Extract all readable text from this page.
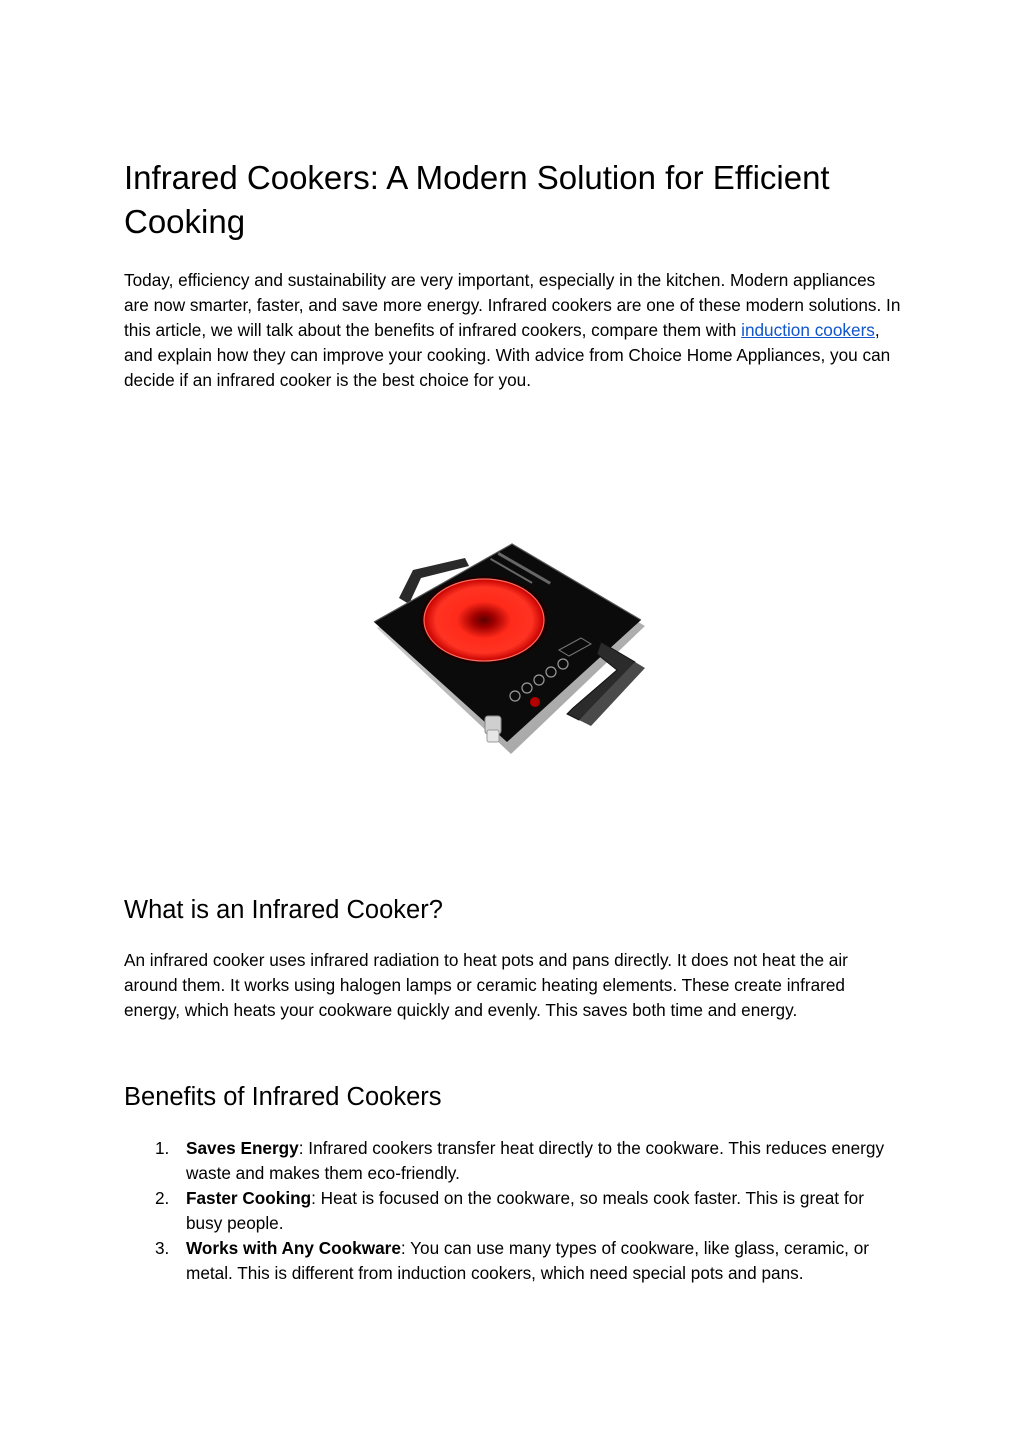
Infrared Cookers: A Modern Solution for Efficient Cooking

Today, efficiency and sustainability are very important, especially in the kitchen. Modern appliances are now smarter, faster, and save more energy. Infrared cookers are one of these modern solutions. In this article, we will talk about the benefits of infrared cookers, compare them with induction cookers, and explain how they can improve your cooking. With advice from Choice Home Appliances, you can decide if an infrared cooker is the best choice for you.

What is an Infrared Cooker?

An infrared cooker uses infrared radiation to heat pots and pans directly. It does not heat the air around them. It works using halogen lamps or ceramic heating elements. These create infrared energy, which heats your cookware quickly and evenly. This saves both time and energy.

Benefits of Infrared Cookers
1. Saves Energy: Infrared cookers transfer heat directly to the cookware. This reduces energy waste and makes them eco-friendly.
2. Faster Cooking: Heat is focused on the cookware, so meals cook faster. This is great for busy people.
3. Works with Any Cookware: You can use many types of cookware, like glass, ceramic, or metal. This is different from induction cookers, which need special pots and pans.
